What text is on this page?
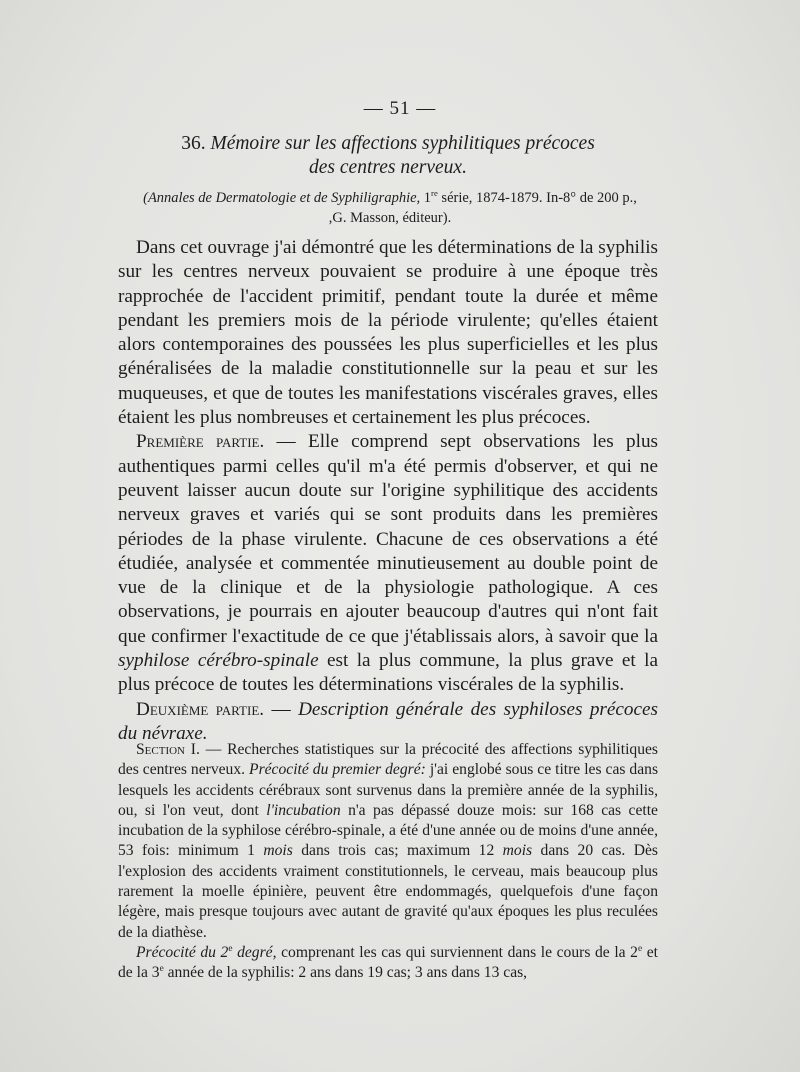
— 51 —
36. Mémoire sur les affections syphilitiques précoces
des centres nerveux.
(Annales de Dermatologie et de Syphiligraphie, 1re série, 1874-1879. In-8° de 200 p.,
,G. Masson, éditeur).

Dans cet ouvrage j'ai démontré que les déterminations de la syphilis sur les centres nerveux pouvaient se produire à une époque très rapprochée de l'accident primitif, pendant toute la durée et même pendant les premiers mois de la période virulente; qu'elles étaient alors contemporaines des poussées les plus superficielles et les plus généralisées de la maladie constitutionnelle sur la peau et sur les muqueuses, et que de toutes les manifestations viscérales graves, elles étaient les plus nombreuses et certainement les plus précoces.

Première partie. — Elle comprend sept observations les plus authentiques parmi celles qu'il m'a été permis d'observer, et qui ne peuvent laisser aucun doute sur l'origine syphilitique des accidents nerveux graves et variés qui se sont produits dans les premières périodes de la phase virulente. Chacune de ces observations a été étudiée, analysée et commentée minutieusement au double point de vue de la clinique et de la physiologie pathologique. A ces observations, je pourrais en ajouter beaucoup d'autres qui n'ont fait que confirmer l'exactitude de ce que j'établissais alors, à savoir que la syphilose cérébro-spinale est la plus commune, la plus grave et la plus précoce de toutes les déterminations viscérales de la syphilis.

Deuxième partie. — Description générale des syphiloses précoces du névraxe.

Section I. — Recherches statistiques sur la précocité des affections syphilitiques des centres nerveux. Précocité du premier degré: j'ai englobé sous ce titre les cas dans lesquels les accidents cérébraux sont survenus dans la première année de la syphilis, ou, si l'on veut, dont l'incubation n'a pas dépassé douze mois: sur 168 cas cette incubation de la syphilose cérébro-spinale, a été d'une année ou de moins d'une année, 53 fois: minimum 1 mois dans trois cas; maximum 12 mois dans 20 cas. Dès l'explosion des accidents vraiment constitutionnels, le cerveau, mais beaucoup plus rarement la moelle épinière, peuvent être endommagés, quelquefois d'une façon légère, mais presque toujours avec autant de gravité qu'aux époques les plus reculées de la diathèse.

Précocité du 2e degré, comprenant les cas qui surviennent dans le cours de la 2e et de la 3e année de la syphilis: 2 ans dans 19 cas; 3 ans dans 13 cas,
